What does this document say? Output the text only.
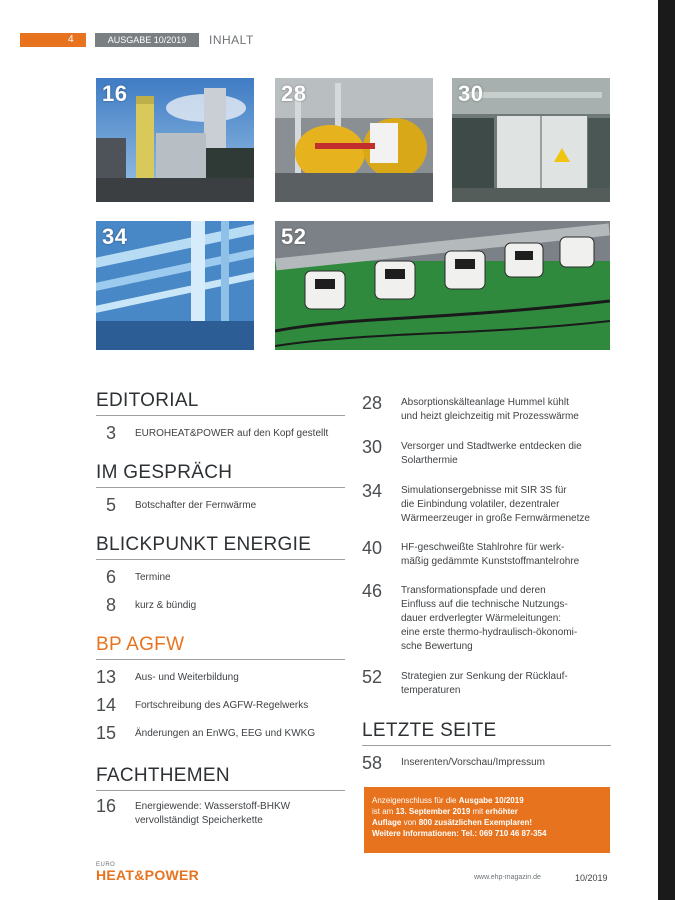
4	AUSGABE 10/2019	INHALT
16	28	30
34	52
EDITORIAL
3	EUROHEAT&POWER auf den Kopf gestellt
IM GESPRÄCH
5	Botschafter der Fernwärme
BLICKPUNKT ENERGIE
6	Termine
8	kurz & bündig
BP AGFW
13	Aus- und Weiterbildung
14	Fortschreibung des AGFW-Regelwerks
15	Änderungen an EnWG, EEG und KWKG
FACHTHEMEN
16	Energiewende: Wasserstoff-BHKW
vervollständigt Speicherkette
28	Absorptionskälteanlage Hummel kühlt
und heizt gleichzeitig mit Prozesswärme
30	Versorger und Stadtwerke entdecken die
Solarthermie
34	Simulationsergebnisse mit SIR 3S für
die Einbindung volatiler, dezentraler
Wärmeerzeuger in große Fernwärmenetze
40	HF-geschweißte Stahlrohre für werk-
mäßig gedämmte Kunststoffmantelrohre
46	Transformationspfade und deren
Einfluss auf die technische Nutzungs-
dauer erdverlegter Wärmeleitungen:
eine erste thermo-hydraulisch-ökonomi-
sche Bewertung
52	Strategien zur Senkung der Rücklauf-
temperaturen
LETZTE SEITE
58	Inserenten/Vorschau/Impressum
Anzeigenschluss für die Ausgabe 10/2019
ist am 13. September 2019 mit erhöhter
Auflage von 800 zusätzlichen Exemplaren!
Weitere Informationen: Tel.: 069 710 46 87-354
EURO
HEAT&POWER	www.ehp-magazin.de	10/2019
